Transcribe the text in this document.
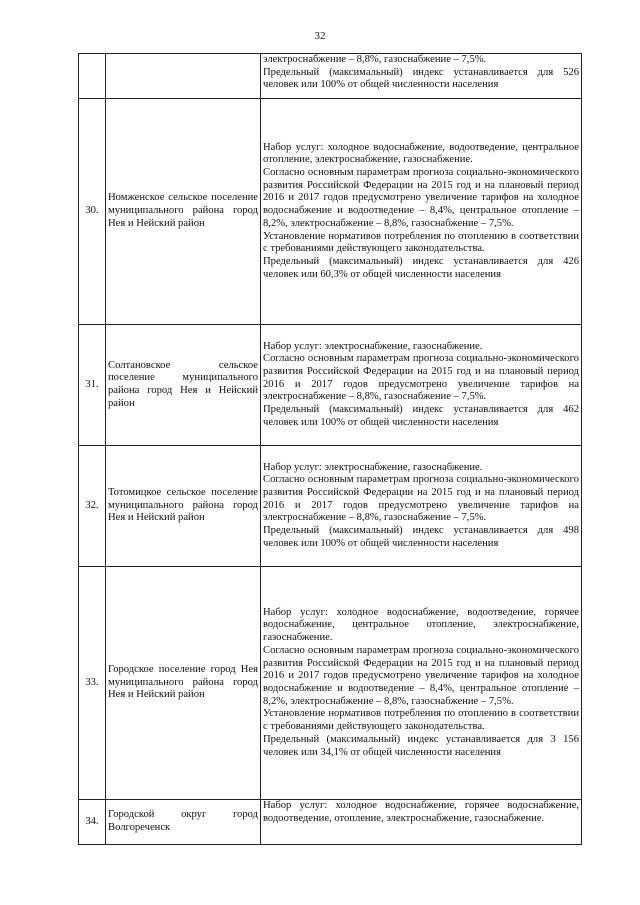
32

		электроснабжение – 8,8%, газоснабжение – 7,5%.

Предельный (максимальный) индекс устанавливается для 526 человек или 100% от общей численности населения

30.	Номженское сельское поселение муниципального района город Нея и Нейский район	Набор услуг: холодное водоснабжение, водоотведение, центральное отопление, электроснабжение, газоснабжение.

Согласно основным параметрам прогноза социально-экономического развития Российской Федерации на 2015 год и на плановый период 2016 и 2017 годов предусмотрено увеличение тарифов на холодное водоснабжение и водоотведение – 8,4%, центральное отопление – 8,2%, электроснабжение – 8,8%, газоснабжение – 7,5%.

Установление нормативов потребления по отоплению в соответствии с требованиями действующего законодательства.

Предельный (максимальный) индекс устанавливается для 426 человек или 60,3% от общей численности населения

31.	Солтановское сельское поселение муниципального района город Нея и Нейский район	Набор услуг: электроснабжение, газоснабжение.

Согласно основным параметрам прогноза социально-экономического развития Российской Федерации на 2015 год и на плановый период 2016 и 2017 годов предусмотрено увеличение тарифов на электроснабжение – 8,8%, газоснабжение – 7,5%.

Предельный (максимальный) индекс устанавливается для 462 человек или 100% от общей численности населения

32.	Тотомицкое сельское поселение муниципального района город Нея и Нейский район	Набор услуг: электроснабжение, газоснабжение.

Согласно основным параметрам прогноза социально-экономического развития Российской Федерации на 2015 год и на плановый период 2016 и 2017 годов предусмотрено увеличение тарифов на электроснабжение – 8,8%, газоснабжение – 7,5%.

Предельный (максимальный) индекс устанавливается для 498 человек или 100% от общей численности населения

33.	Городское поселение город Нея муниципального района город Нея и Нейский район	Набор услуг: холодное водоснабжение, водоотведение, горячее водоснабжение, центральное отопление, электроснабжение, газоснабжение.

Согласно основным параметрам прогноза социально-экономического развития Российской Федерации на 2015 год и на плановый период 2016 и 2017 годов предусмотрено увеличение тарифов на холодное водоснабжение и водоотведение – 8,4%, центральное отопление – 8,2%, электроснабжение – 8,8%, газоснабжение – 7,5%.

Установление нормативов потребления по отоплению в соответствии с требованиями действующего законодательства.

Предельный (максимальный) индекс устанавливается для 3 156 человек или 34,1% от общей численности населения

34.	Городской округ город Волгореченск	Набор услуг: холодное водоснабжение, горячее водоснабжение, водоотведение, отопление, электроснабжение, газоснабжение.
